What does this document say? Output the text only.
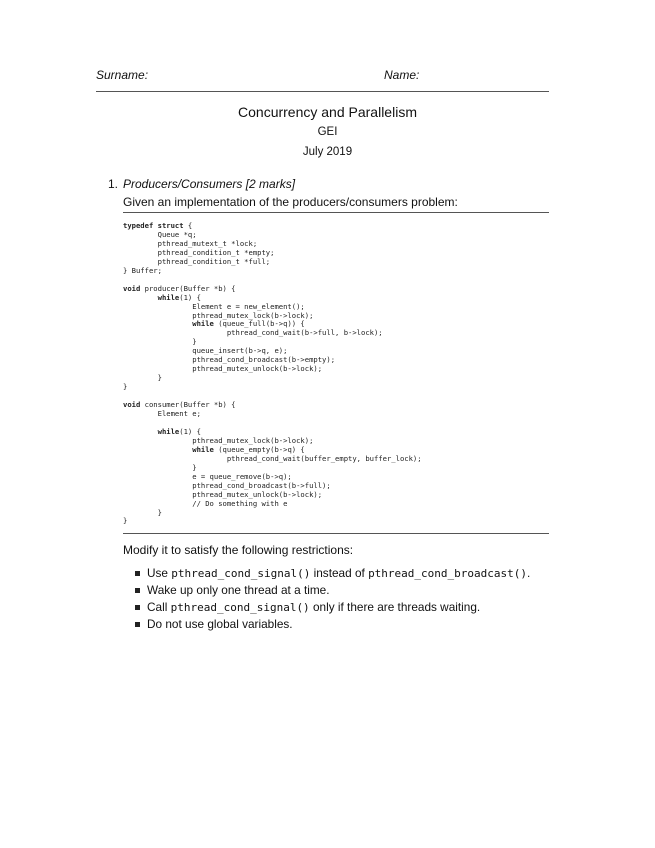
Surname:	Name:
Concurrency and Parallelism
GEI
July 2019
1. Producers/Consumers [2 marks]
Given an implementation of the producers/consumers problem:
typedef struct {
Queue *q;
pthread_mutext_t *lock;
pthread_condition_t *empty;
pthread_condition_t *full;
} Buffer;

void producer(Buffer *b) {
while(1) {
Element e = new_element();
pthread_mutex_lock(b->lock);
while (queue_full(b->q)) {
pthread_cond_wait(b->full, b->lock);
}
queue_insert(b->q, e);
pthread_cond_broadcast(b->empty);
pthread_mutex_unlock(b->lock);
}
}

void consumer(Buffer *b) {
Element e;

while(1) {
pthread_mutex_lock(b->lock);
while (queue_empty(b->q) {
pthread_cond_wait(buffer_empty, buffer_lock);
}
e = queue_remove(b->q);
pthread_cond_broadcast(b->full);
pthread_mutex_unlock(b->lock);
// Do something with e
}
}
Modify it to satisfy the following restrictions:
Use pthread_cond_signal() instead of pthread_cond_broadcast().
Wake up only one thread at a time.
Call pthread_cond_signal() only if there are threads waiting.
Do not use global variables.
